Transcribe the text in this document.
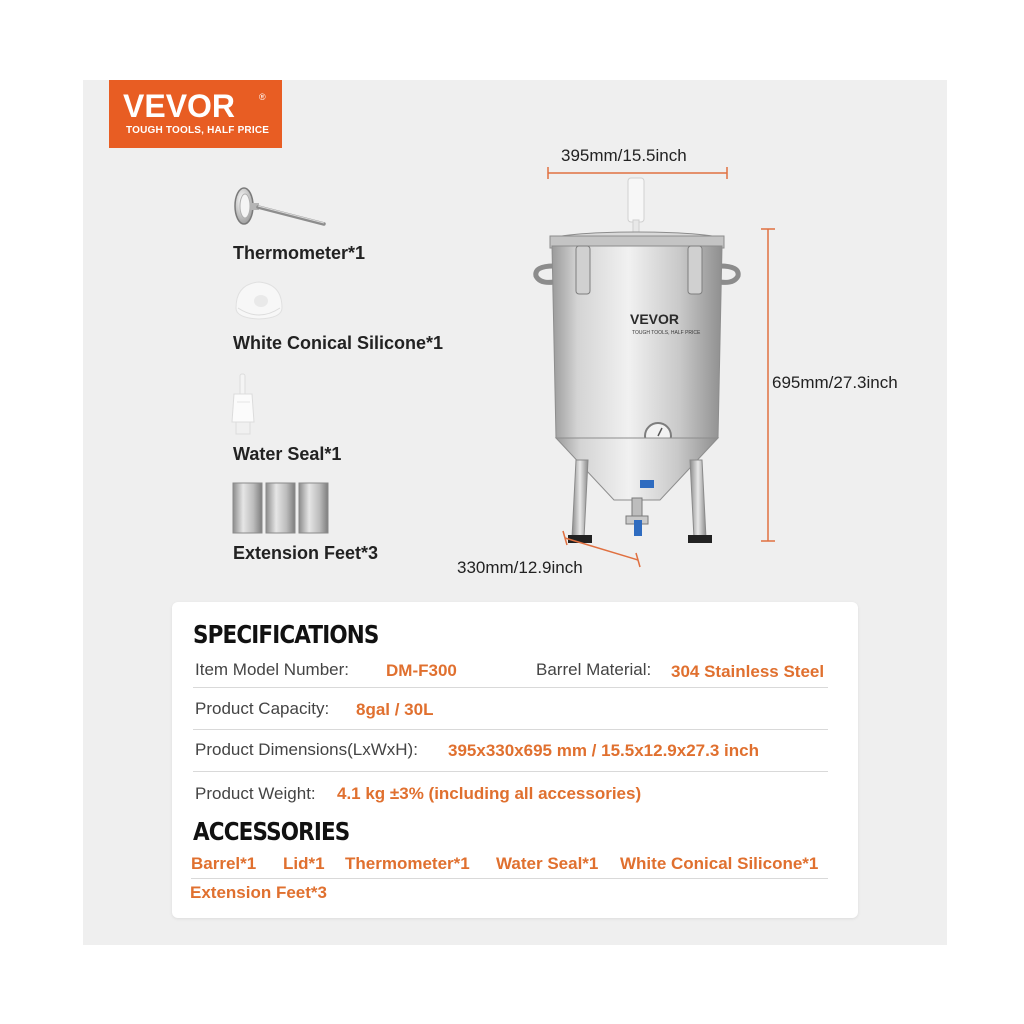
VEVOR	®
TOUGH TOOLS, HALF PRICE
Thermometer*1
White Conical Silicone*1
Water Seal*1
Extension Feet*3
VEVOR
TOUGH TOOLS, HALF PRICE
395mm/15.5inch
695mm/27.3inch
330mm/12.9inch
SPECIFICATIONS
Item Model Number: DM-F300	Barrel Material: 304 Stainless Steel
Product Capacity: 8gal / 30L
Product Dimensions(LxWxH): 395x330x695 mm / 15.5x12.9x27.3 inch
Product Weight: 4.1 kg ±3% (including all accessories)
ACCESSORIES
Barrel*1 Lid*1 Thermometer*1 Water Seal*1 White Conical Silicone*1
Extension Feet*3
